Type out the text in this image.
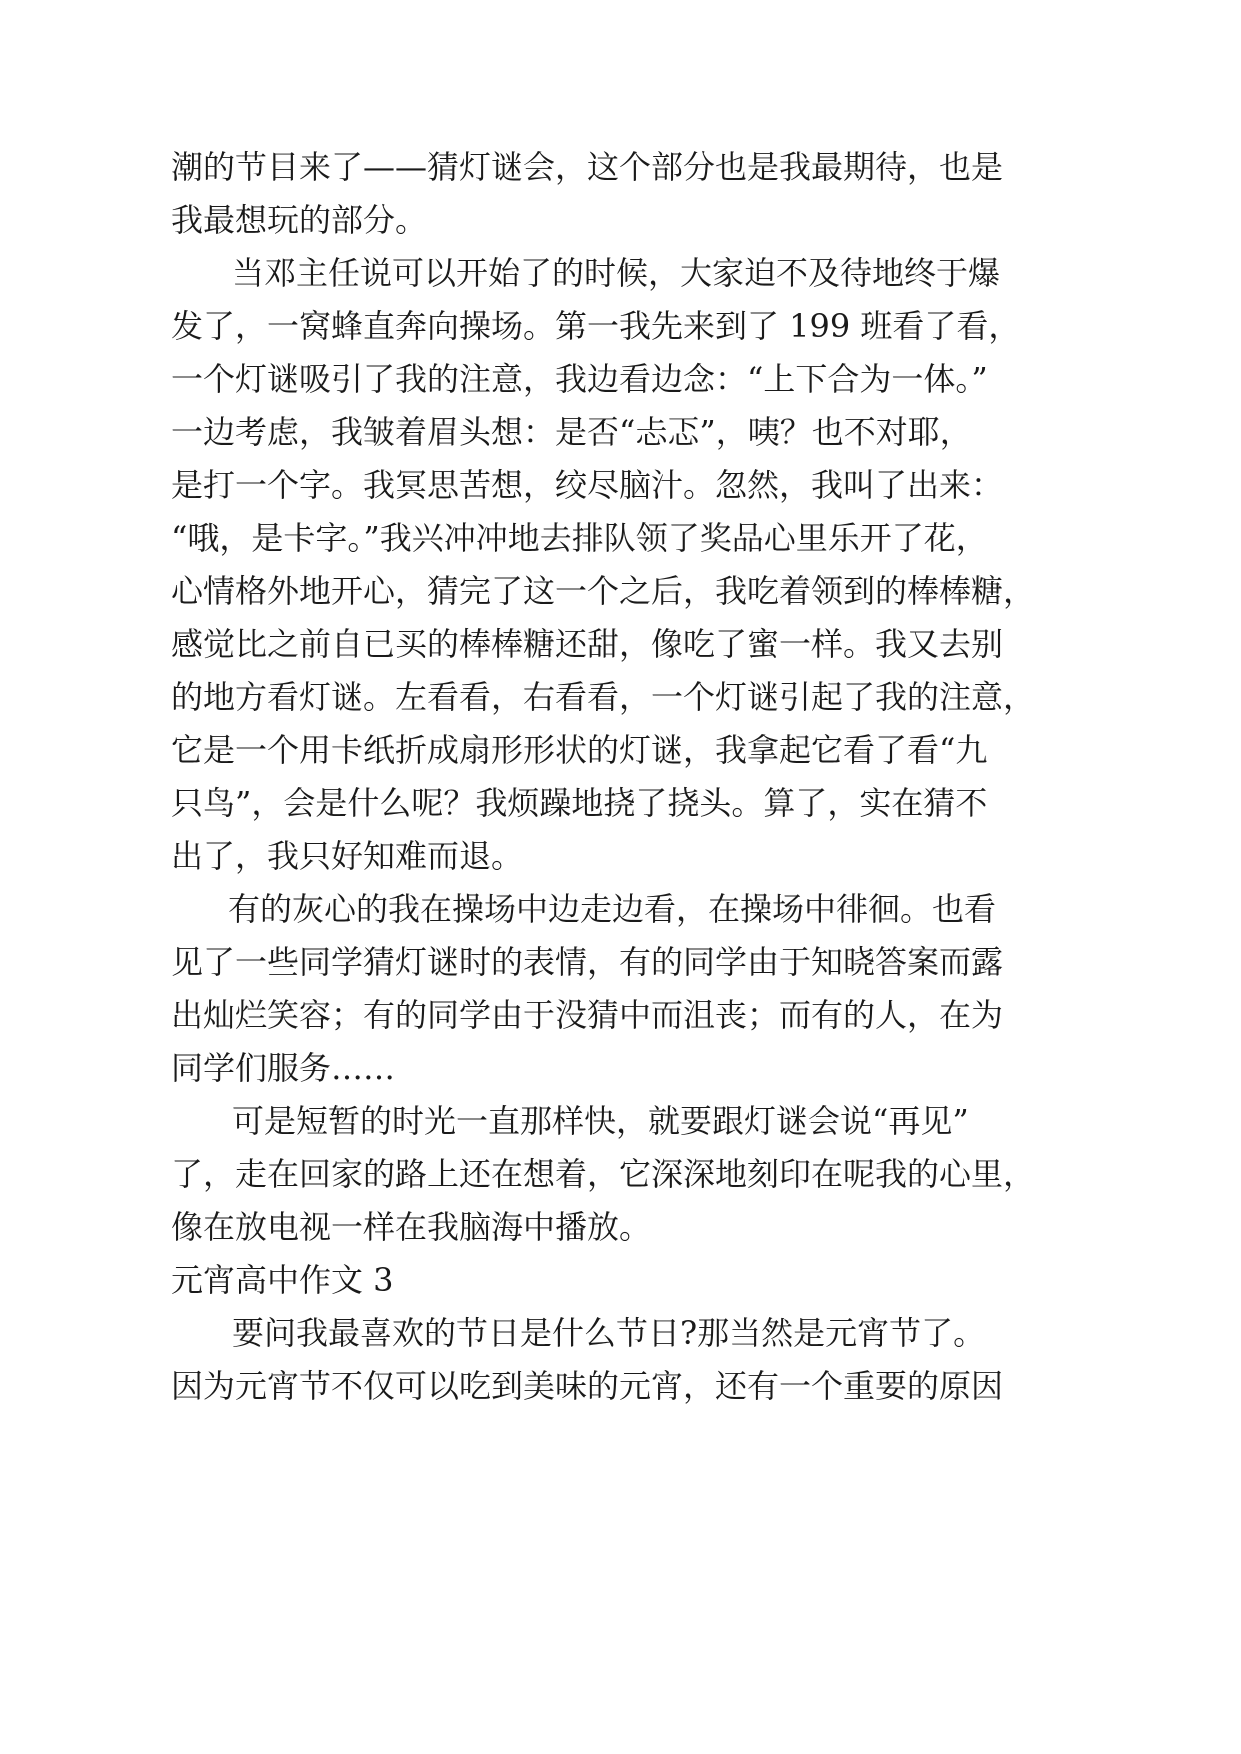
潮的节目来了——猜灯谜会，这个部分也是我最期待，也是

我最想玩的部分。

当邓主任说可以开始了的时候，大家迫不及待地终于爆

发了，一窝蜂直奔向操场。第一我先来到了 199 班看了看，

一个灯谜吸引了我的注意，我边看边念：“上下合为一体。”

一边考虑，我皱着眉头想：是否“忐忑”，咦？也不对耶，

是打一个字。我冥思苦想，绞尽脑汁。忽然，我叫了出来：

“哦，是卡字。”我兴冲冲地去排队领了奖品心里乐开了花，

心情格外地开心，猜完了这一个之后，我吃着领到的棒棒糖，

感觉比之前自已买的棒棒糖还甜，像吃了蜜一样。我又去别

的地方看灯谜。左看看，右看看，一个灯谜引起了我的注意，

它是一个用卡纸折成扇形形状的灯谜，我拿起它看了看“九

只鸟”，会是什么呢？我烦躁地挠了挠头。算了，实在猜不

出了，我只好知难而退。

有的灰心的我在操场中边走边看，在操场中徘徊。也看

见了一些同学猜灯谜时的表情，有的同学由于知晓答案而露

出灿烂笑容；有的同学由于没猜中而沮丧；而有的人，在为

同学们服务……

可是短暂的时光一直那样快，就要跟灯谜会说“再见”

了，走在回家的路上还在想着，它深深地刻印在呢我的心里，

像在放电视一样在我脑海中播放。

元宵高中作文 3

要问我最喜欢的节日是什么节日?那当然是元宵节了。

因为元宵节不仅可以吃到美味的元宵，还有一个重要的原因
